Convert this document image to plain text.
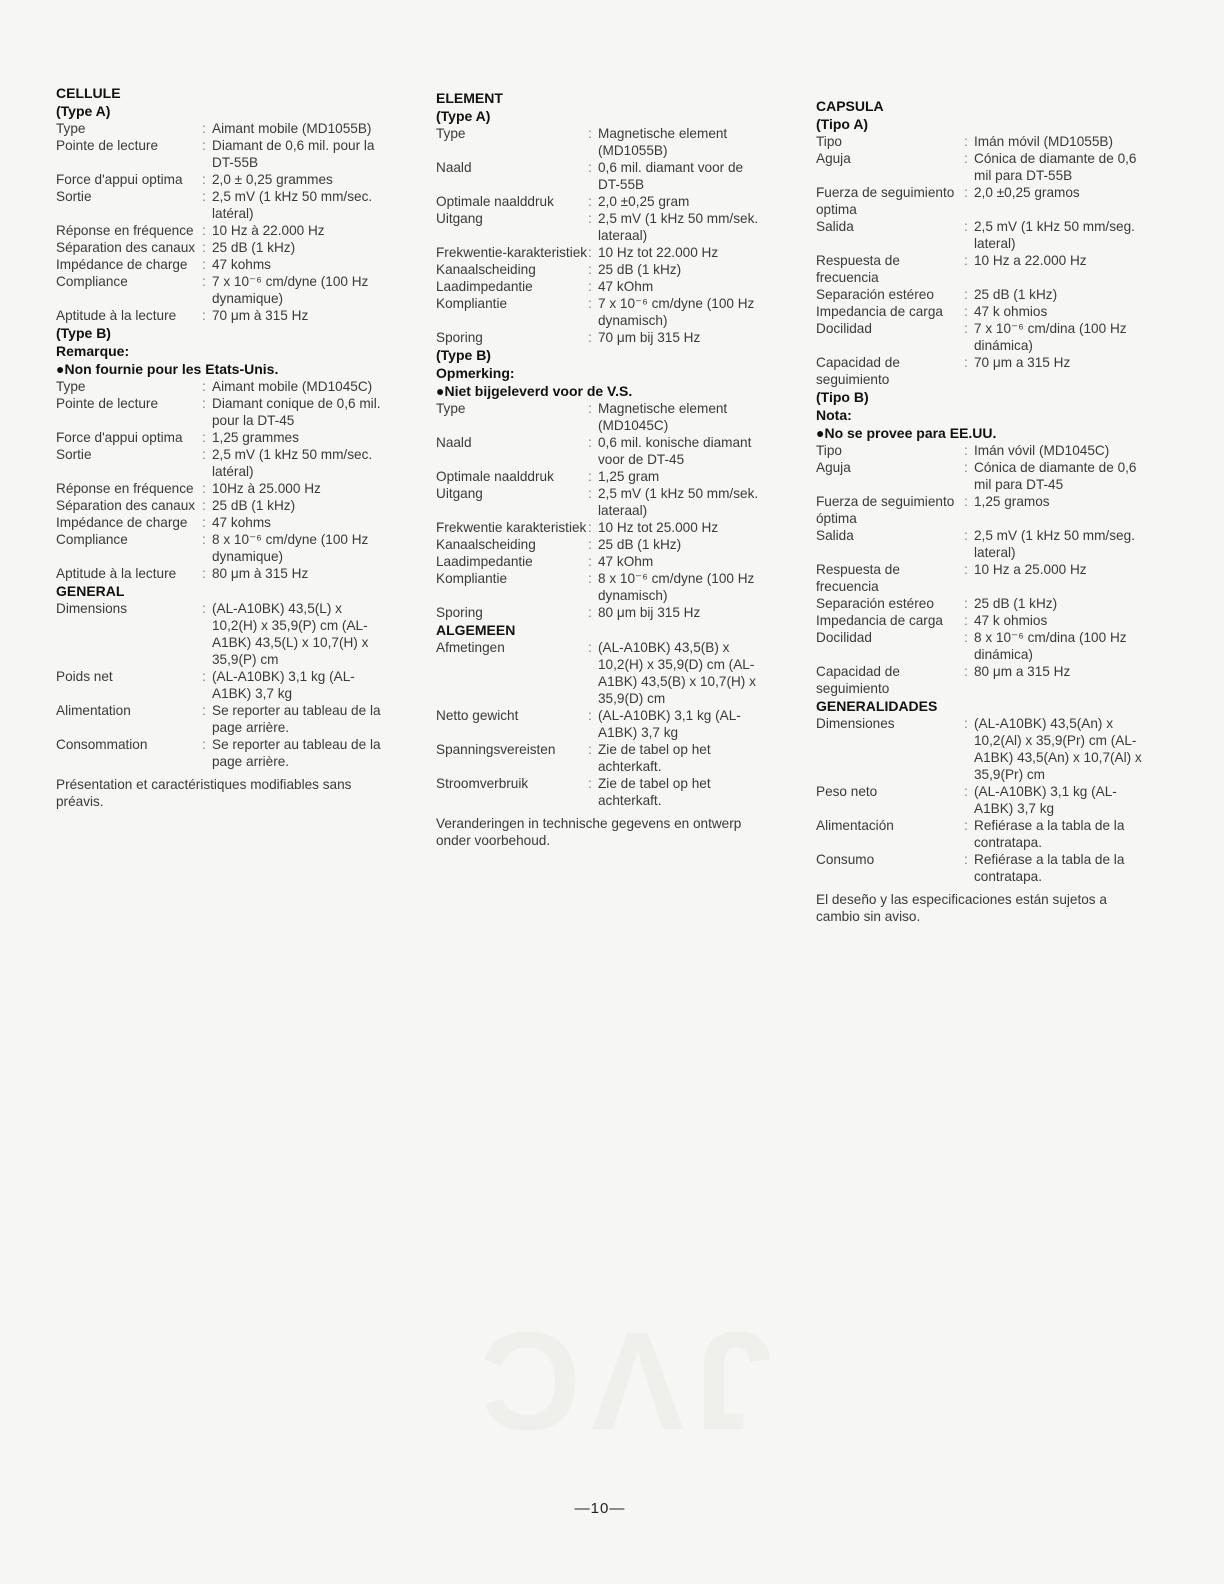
JVC
CELLULE
(Type A)
Type	: Aimant mobile (MD1055B)
Pointe de lecture	: Diamant de 0,6 mil. pour la DT-55B
Force d'appui optima	: 2,0 ± 0,25 grammes
Sortie	: 2,5 mV (1 kHz 50 mm/sec. latéral)
Réponse en fréquence : 10 Hz à 22.000 Hz
Séparation des canaux : 25 dB (1 kHz)
Impédance de charge	: 47 kohms
Compliance	: 7 x 10⁻⁶ cm/dyne (100 Hz dynamique)
Aptitude à la lecture	: 70 μm à 315 Hz
(Type B)
Remarque:
●Non fournie pour les Etats-Unis.
Type	: Aimant mobile (MD1045C)
Pointe de lecture	: Diamant conique de 0,6 mil. pour la DT-45
Force d'appui optima	: 1,25 grammes
Sortie	: 2,5 mV (1 kHz 50 mm/sec. latéral)
Réponse en fréquence : 10Hz à 25.000 Hz
Séparation des canaux : 25 dB (1 kHz)
Impédance de charge	: 47 kohms
Compliance	: 8 x 10⁻⁶ cm/dyne (100 Hz dynamique)
Aptitude à la lecture	: 80 μm à 315 Hz
GENERAL
Dimensions	: (AL-A10BK) 43,5(L) x 10,2(H) x 35,9(P) cm (AL-A1BK) 43,5(L) x 10,7(H) x 35,9(P) cm
Poids net	: (AL-A10BK) 3,1 kg (AL-A1BK) 3,7 kg
Alimentation	: Se reporter au tableau de la page arrière.
Consommation	: Se reporter au tableau de la page arrière.
Présentation et caractéristiques modifiables sans préavis.
ELEMENT
(Type A)
Type	: Magnetische element (MD1055B)
Naald	: 0,6 mil. diamant voor de DT-55B
Optimale naalddruk	: 2,0 ±0,25 gram
Uitgang	: 2,5 mV (1 kHz 50 mm/sek. lateraal)
Frekwentie-karakteristiek : 10 Hz tot 22.000 Hz
Kanaalscheiding	: 25 dB (1 kHz)
Laadimpedantie	: 47 kOhm
Kompliantie	: 7 x 10⁻⁶ cm/dyne (100 Hz dynamisch)
Sporing	: 70 μm bij 315 Hz
(Type B)
Opmerking:
●Niet bijgeleverd voor de V.S.
Type	: Magnetische element (MD1045C)
Naald	: 0,6 mil. konische diamant voor de DT-45
Optimale naalddruk	: 1,25 gram
Uitgang	: 2,5 mV (1 kHz 50 mm/sek. lateraal)
Frekwentie karakteristiek : 10 Hz tot 25.000 Hz
Kanaalscheiding	: 25 dB (1 kHz)
Laadimpedantie	: 47 kOhm
Kompliantie	: 8 x 10⁻⁶ cm/dyne (100 Hz dynamisch)
Sporing	: 80 μm bij 315 Hz
ALGEMEEN
Afmetingen	: (AL-A10BK) 43,5(B) x 10,2(H) x 35,9(D) cm (AL-A1BK) 43,5(B) x 10,7(H) x 35,9(D) cm
Netto gewicht	: (AL-A10BK) 3,1 kg (AL-A1BK) 3,7 kg
Spanningsvereisten	: Zie de tabel op het achterkaft.
Stroomverbruik	: Zie de tabel op het achterkaft.
Veranderingen in technische gegevens en ontwerp onder voorbehoud.
CAPSULA
(Tipo A)
Tipo	: Imán móvil (MD1055B)
Aguja	: Cónica de diamante de 0,6 mil para DT-55B
Fuerza de seguimiento optima
: 2,0 ±0,25 gramos
Salida	: 2,5 mV (1 kHz 50 mm/seg. lateral)
Respuesta de frecuencia
: 10 Hz a 22.000 Hz
Separación estéreo	: 25 dB (1 kHz)
Impedancia de carga	: 47 k ohmios
Docilidad	: 7 x 10⁻⁶ cm/dina (100 Hz dinámica)
Capacidad de seguimiento
: 70 μm a 315 Hz
(Tipo B)
Nota:
●No se provee para EE.UU.
Tipo	: Imán vóvil (MD1045C)
Aguja	: Cónica de diamante de 0,6 mil para DT-45
Fuerza de seguimiento óptima
: 1,25 gramos
Salida	: 2,5 mV (1 kHz 50 mm/seg. lateral)
Respuesta de frecuencia
: 10 Hz a 25.000 Hz
Separación estéreo	: 25 dB (1 kHz)
Impedancia de carga	: 47 k ohmios
Docilidad	: 8 x 10⁻⁶ cm/dina (100 Hz dinámica)
Capacidad de seguimiento
: 80 μm a 315 Hz
GENERALIDADES
Dimensiones	: (AL-A10BK) 43,5(An) x 10,2(Al) x 35,9(Pr) cm (AL-A1BK) 43,5(An) x 10,7(Al) x 35,9(Pr) cm
Peso neto	: (AL-A10BK) 3,1 kg (AL-A1BK) 3,7 kg
Alimentación	: Refiérase a la tabla de la contratapa.
Consumo	: Refiérase a la tabla de la contratapa.
El deseño y las especificaciones están sujetos a cambio sin aviso.
—10—
